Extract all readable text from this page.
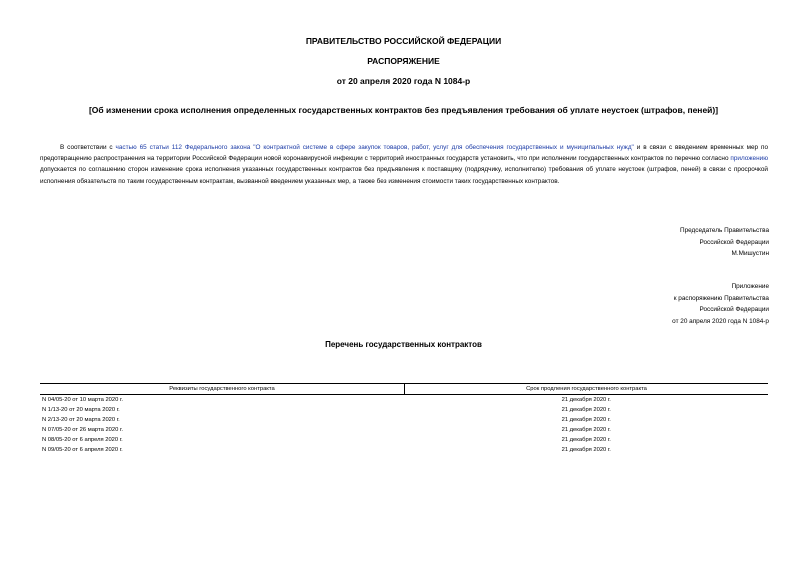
ПРАВИТЕЛЬСТВО РОССИЙСКОЙ ФЕДЕРАЦИИ
РАСПОРЯЖЕНИЕ
от 20 апреля 2020 года N 1084-р
[Об изменении срока исполнения определенных государственных контрактов без предъявления требования об уплате неустоек (штрафов, пеней)]
В соответствии с частью 65 статьи 112 Федерального закона "О контрактной системе в сфере закупок товаров, работ, услуг для обеспечения государственных и муниципальных нужд" и в связи с введением временных мер по предотвращению распространения на территории Российской Федерации новой коронавирусной инфекции с территорий иностранных государств установить, что при исполнении государственных контрактов по перечню согласно приложению допускается по соглашению сторон изменение срока исполнения указанных государственных контрактов без предъявления к поставщику (подрядчику, исполнителю) требования об уплате неустоек (штрафов, пеней) в связи с просрочкой исполнения обязательств по таким государственным контрактам, вызванной введением указанных мер, а также без изменения стоимости таких государственных контрактов.
Председатель Правительства
Российской Федерации
М.Мишустин
Приложение
к распоряжению Правительства
Российской Федерации
от 20 апреля 2020 года N 1084-р
Перечень государственных контрактов
Реквизиты государственного контракта	Срок продления государственного контракта
N 04/05-20 от 10 марта 2020 г.	21 декабря 2020 г.
N 1/13-20 от 20 марта 2020 г.	21 декабря 2020 г.
N 2/13-20 от 20 марта 2020 г.	21 декабря 2020 г.
N 07/05-20 от 26 марта 2020 г.	21 декабря 2020 г.
N 08/05-20 от 6 апреля 2020 г.	21 декабря 2020 г.
N 09/05-20 от 6 апреля 2020 г.	21 декабря 2020 г.
